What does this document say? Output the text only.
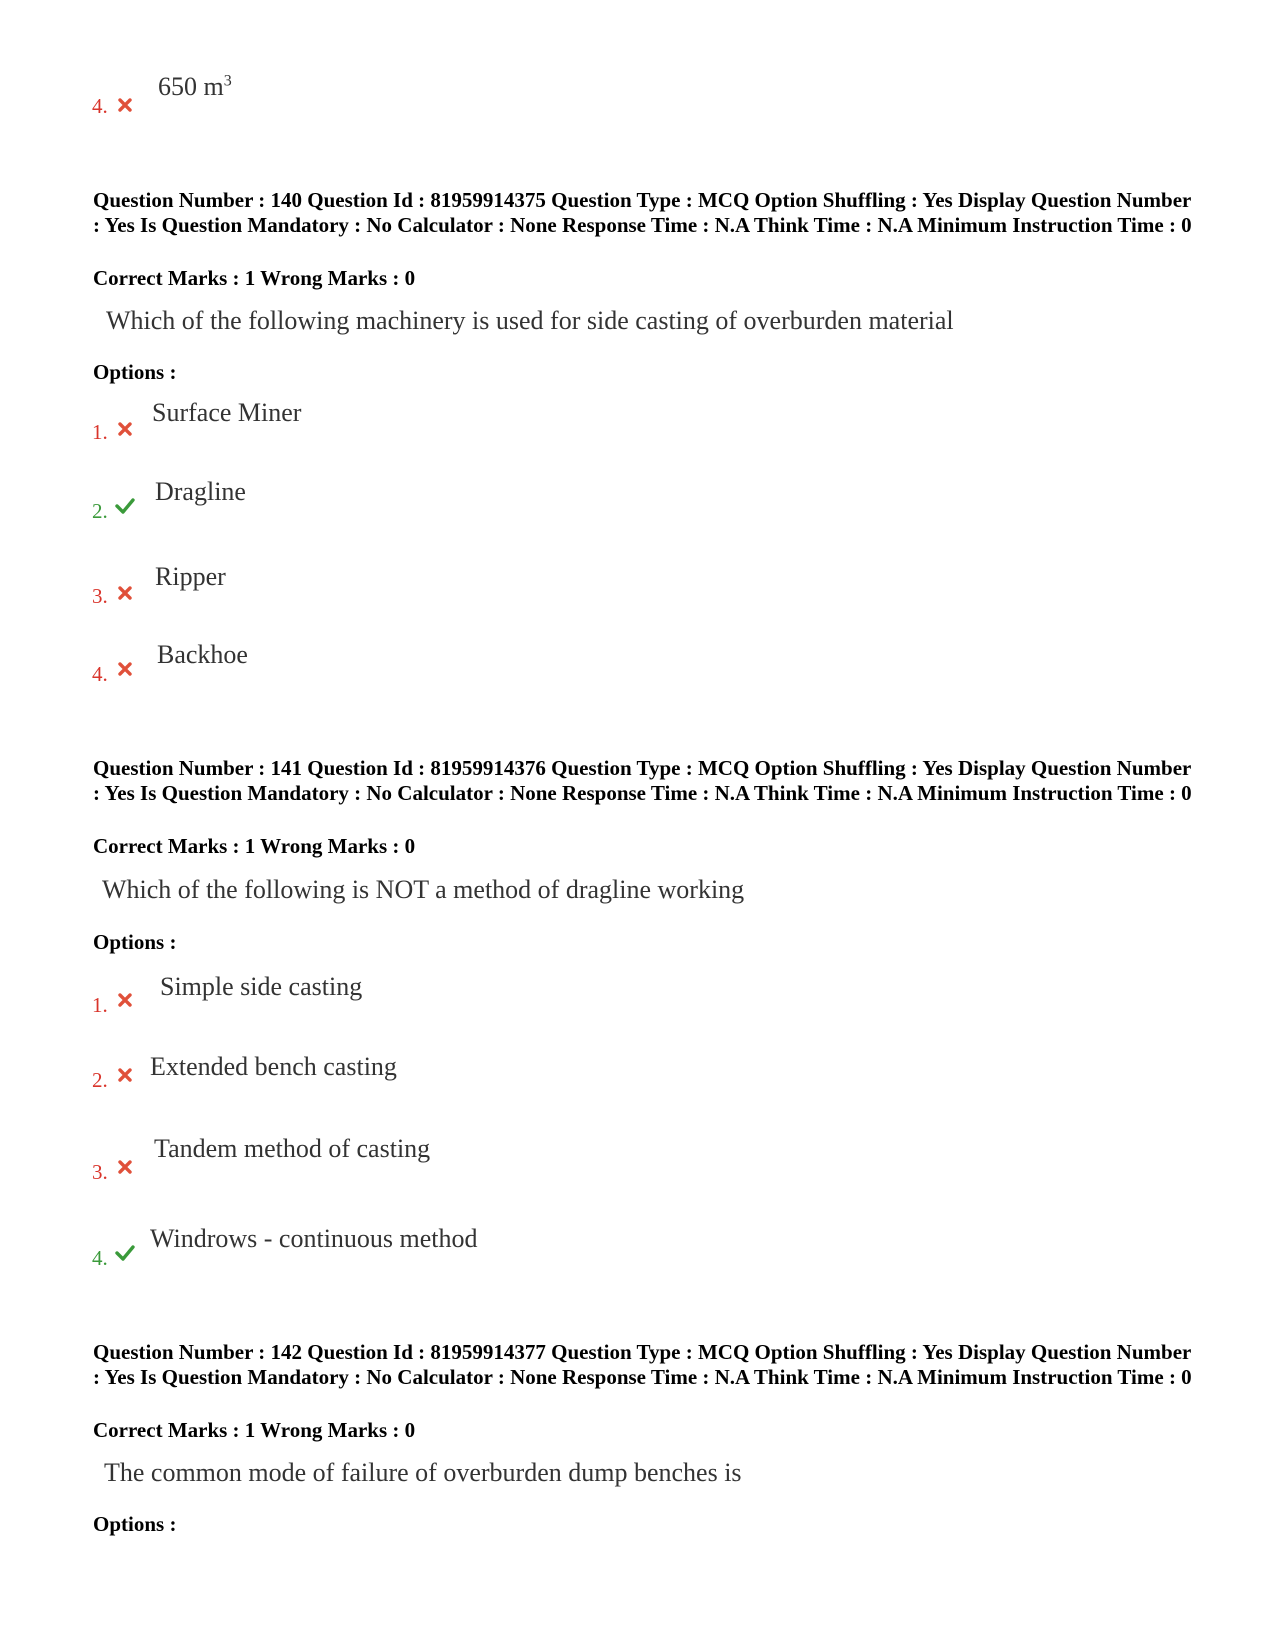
4.
650 $m^3$
Question Number : 140 Question Id : 81959914375 Question Type : MCQ Option Shuffling : Yes Display Question Number : Yes Is Question Mandatory : No Calculator : None Response Time : N.A Think Time : N.A Minimum Instruction Time : 0
Correct Marks : 1 Wrong Marks : 0
Which of the following machinery is used for side casting of overburden material
Options :
1.
Surface Miner
2.
Dragline
3.
Ripper
4.
Backhoe
Question Number : 141 Question Id : 81959914376 Question Type : MCQ Option Shuffling : Yes Display Question Number : Yes Is Question Mandatory : No Calculator : None Response Time : N.A Think Time : N.A Minimum Instruction Time : 0
Correct Marks : 1 Wrong Marks : 0
Which of the following is NOT a method of dragline working
Options :
1.
Simple side casting
2. Extended bench casting
3.
Tandem method of casting
4.
Windrows - continuous method
Question Number : 142 Question Id : 81959914377 Question Type : MCQ Option Shuffling : Yes Display Question Number : Yes Is Question Mandatory : No Calculator : None Response Time : N.A Think Time : N.A Minimum Instruction Time : 0
Correct Marks : 1 Wrong Marks : 0
The common mode of failure of overburden dump benches is
Options :
